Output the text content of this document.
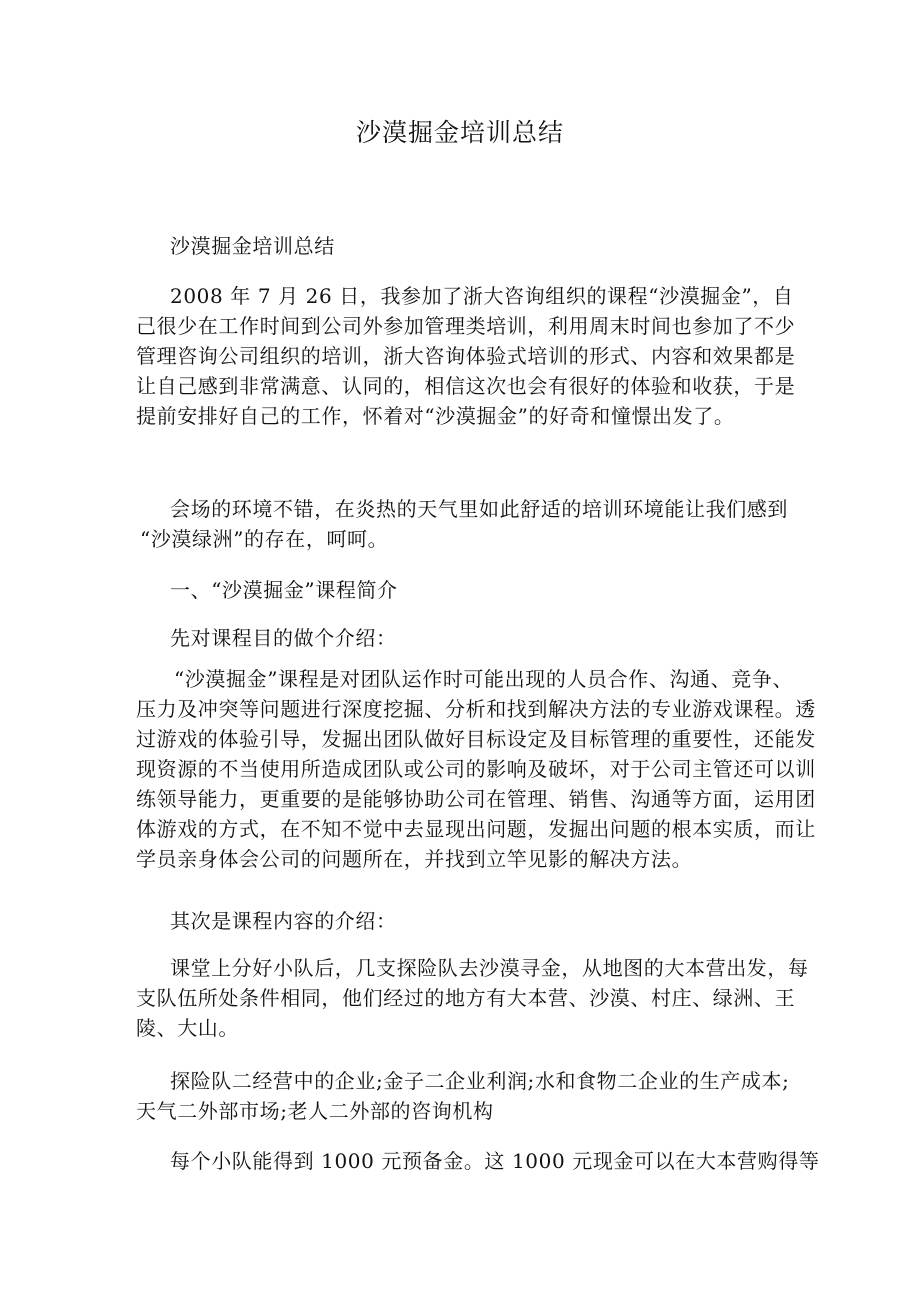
沙漠掘金培训总结
沙漠掘金培训总结
2008 年 7 月 26 日，我参加了浙大咨询组织的课程“沙漠掘金”，自
己很少在工作时间到公司外参加管理类培训，利用周末时间也参加了不少
管理咨询公司组织的培训，浙大咨询体验式培训的形式、内容和效果都是
让自己感到非常满意、认同的，相信这次也会有很好的体验和收获，于是
提前安排好自己的工作，怀着对“沙漠掘金”的好奇和憧憬出发了。
会场的环境不错，在炎热的天气里如此舒适的培训环境能让我们感到
“沙漠绿洲”的存在，呵呵。
一、“沙漠掘金”课程简介
先对课程目的做个介绍：
“沙漠掘金”课程是对团队运作时可能出现的人员合作、沟通、竞争、
压力及冲突等问题进行深度挖掘、分析和找到解决方法的专业游戏课程。透
过游戏的体验引导，发掘出团队做好目标设定及目标管理的重要性，还能发
现资源的不当使用所造成团队或公司的影响及破坏，对于公司主管还可以训
练领导能力，更重要的是能够协助公司在管理、销售、沟通等方面，运用团
体游戏的方式，在不知不觉中去显现出问题，发掘出问题的根本实质，而让
学员亲身体会公司的问题所在，并找到立竿见影的解决方法。
其次是课程内容的介绍：
课堂上分好小队后，几支探险队去沙漠寻金，从地图的大本营出发，每
支队伍所处条件相同，他们经过的地方有大本营、沙漠、村庄、绿洲、王
陵、大山。
探险队二经营中的企业;金子二企业利润;水和食物二企业的生产成本;
天气二外部市场;老人二外部的咨询机构
每个小队能得到 1000 元预备金。这 1000 元现金可以在大本营购得等
